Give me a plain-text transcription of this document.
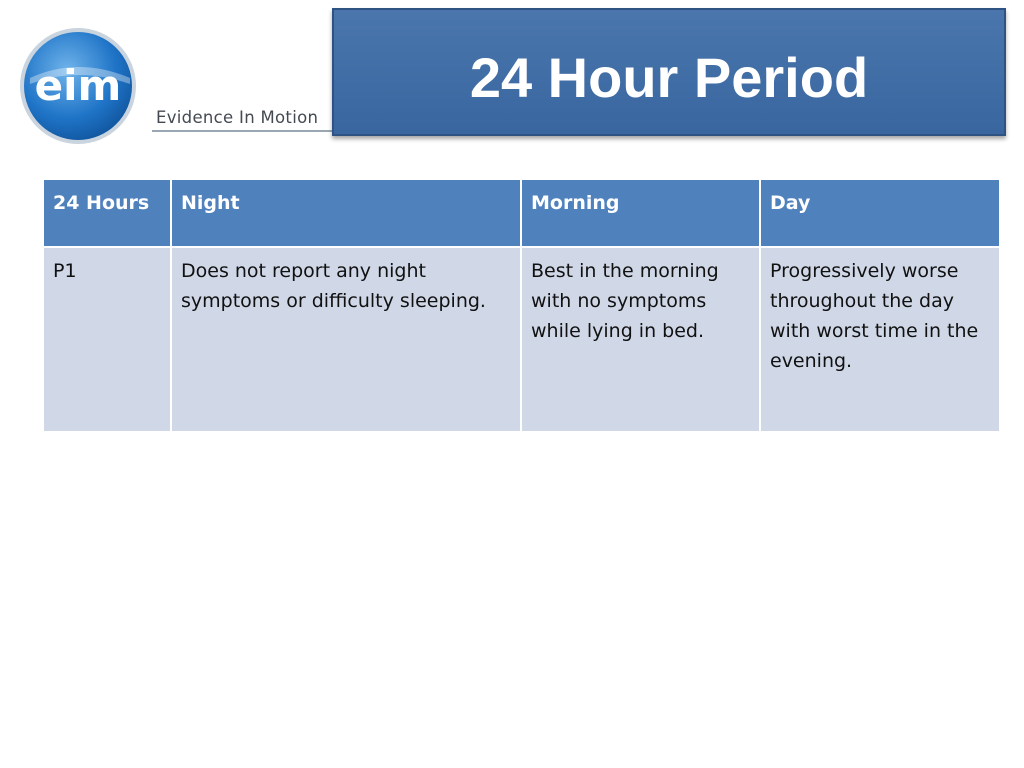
eim
Evidence In Motion
24 Hour Period
24 Hours	Night	Morning	Day
P1	Does not report any night symptoms or difficulty sleeping.	Best in the morning with no symptoms while lying in bed.	Progressively worse throughout the day with worst time in the evening.
